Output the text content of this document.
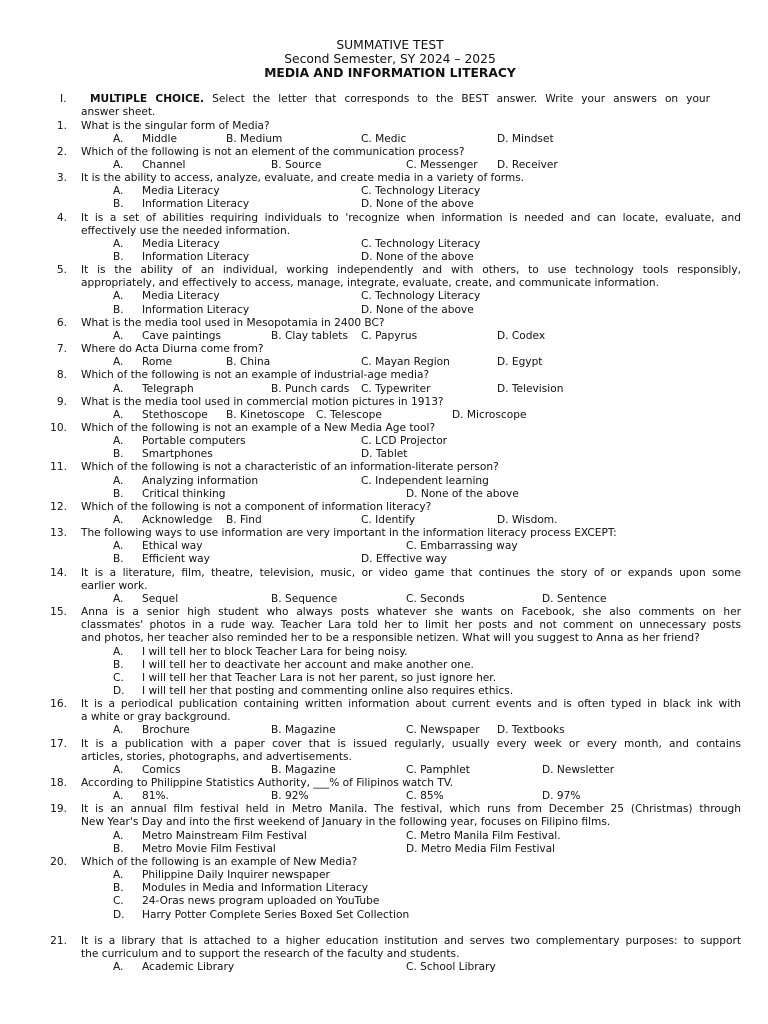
SUMMATIVE TEST
Second Semester, SY 2024 – 2025
MEDIA AND INFORMATION LITERACY
I. MULTIPLE CHOICE. Select the letter that corresponds to the BEST answer. Write your answers on your
answer sheet.
1. What is the singular form of Media?
A. Middle	B. Medium	C. Medic	D. Mindset
2. Which of the following is not an element of the communication process?
A. Channel	B. Source	C. Messenger D. Receiver
3. It is the ability to access, analyze, evaluate, and create media in a variety of forms.
A. Media Literacy	C. Technology Literacy
B. Information Literacy	D. None of the above
4. It is a set of abilities requiring individuals to 'recognize when information is needed and can locate, evaluate, and
effectively use the needed information.
A. Media Literacy	C. Technology Literacy
B. Information Literacy	D. None of the above
5. It is the ability of an individual, working independently and with others, to use technology tools responsibly,
appropriately, and effectively to access, manage, integrate, evaluate, create, and communicate information.
A. Media Literacy	C. Technology Literacy
B. Information Literacy	D. None of the above
6. What is the media tool used in Mesopotamia in 2400 BC?
A. Cave paintings	B. Clay tablets C. Papyrus	D. Codex
7. Where do Acta Diurna come from?
A. Rome	B. China	C. Mayan Region	D. Egypt
8. Which of the following is not an example of industrial-age media?
A. Telegraph	B. Punch cards C. Typewriter	D. Television
9. What is the media tool used in commercial motion pictures in 1913?
A. Stethoscope B. Kinetoscope C. Telescope	D. Microscope
10. Which of the following is not an example of a New Media Age tool?
A. Portable computers	C. LCD Projector
B. Smartphones	D. Tablet
11. Which of the following is not a characteristic of an information-literate person?
A. Analyzing information	C. Independent learning
B. Critical thinking	D. None of the above
12. Which of the following is not a component of information literacy?
A. Acknowledge B. Find	C. Identify	D. Wisdom.
13. The following ways to use information are very important in the information literacy process EXCEPT:
A. Ethical way	C. Embarrassing way
B. Efficient way	D. Effective way
14. It is a literature, film, theatre, television, music, or video game that continues the story of or expands upon some
earlier work.
A. Sequel	B. Sequence	C. Seconds	D. Sentence
15. Anna is a senior high student who always posts whatever she wants on Facebook, she also comments on her
classmates' photos in a rude way. Teacher Lara told her to limit her posts and not comment on unnecessary posts
and photos, her teacher also reminded her to be a responsible netizen. What will you suggest to Anna as her friend?
A. I will tell her to block Teacher Lara for being noisy.
B. I will tell her to deactivate her account and make another one.
C. I will tell her that Teacher Lara is not her parent, so just ignore her.
D. I will tell her that posting and commenting online also requires ethics.
16. It is a periodical publication containing written information about current events and is often typed in black ink with
a white or gray background.
A. Brochure	B. Magazine	C. Newspaper D. Textbooks
17. It is a publication with a paper cover that is issued regularly, usually every week or every month, and contains
articles, stories, photographs, and advertisements.
A. Comics	B. Magazine	C. Pamphlet	D. Newsletter
18. According to Philippine Statistics Authority, ___% of Filipinos watch TV.
A. 81%.	B. 92%	C. 85%	D. 97%
19. It is an annual film festival held in Metro Manila. The festival, which runs from December 25 (Christmas) through
New Year's Day and into the first weekend of January in the following year, focuses on Filipino films.
A. Metro Mainstream Film Festival	C. Metro Manila Film Festival.
B. Metro Movie Film Festival	D. Metro Media Film Festival
20. Which of the following is an example of New Media?
A. Philippine Daily Inquirer newspaper
B. Modules in Media and Information Literacy
C. 24-Oras news program uploaded on YouTube
D. Harry Potter Complete Series Boxed Set Collection
21. It is a library that is attached to a higher education institution and serves two complementary purposes: to support
the curriculum and to support the research of the faculty and students.
A. Academic Library	C. School Library
